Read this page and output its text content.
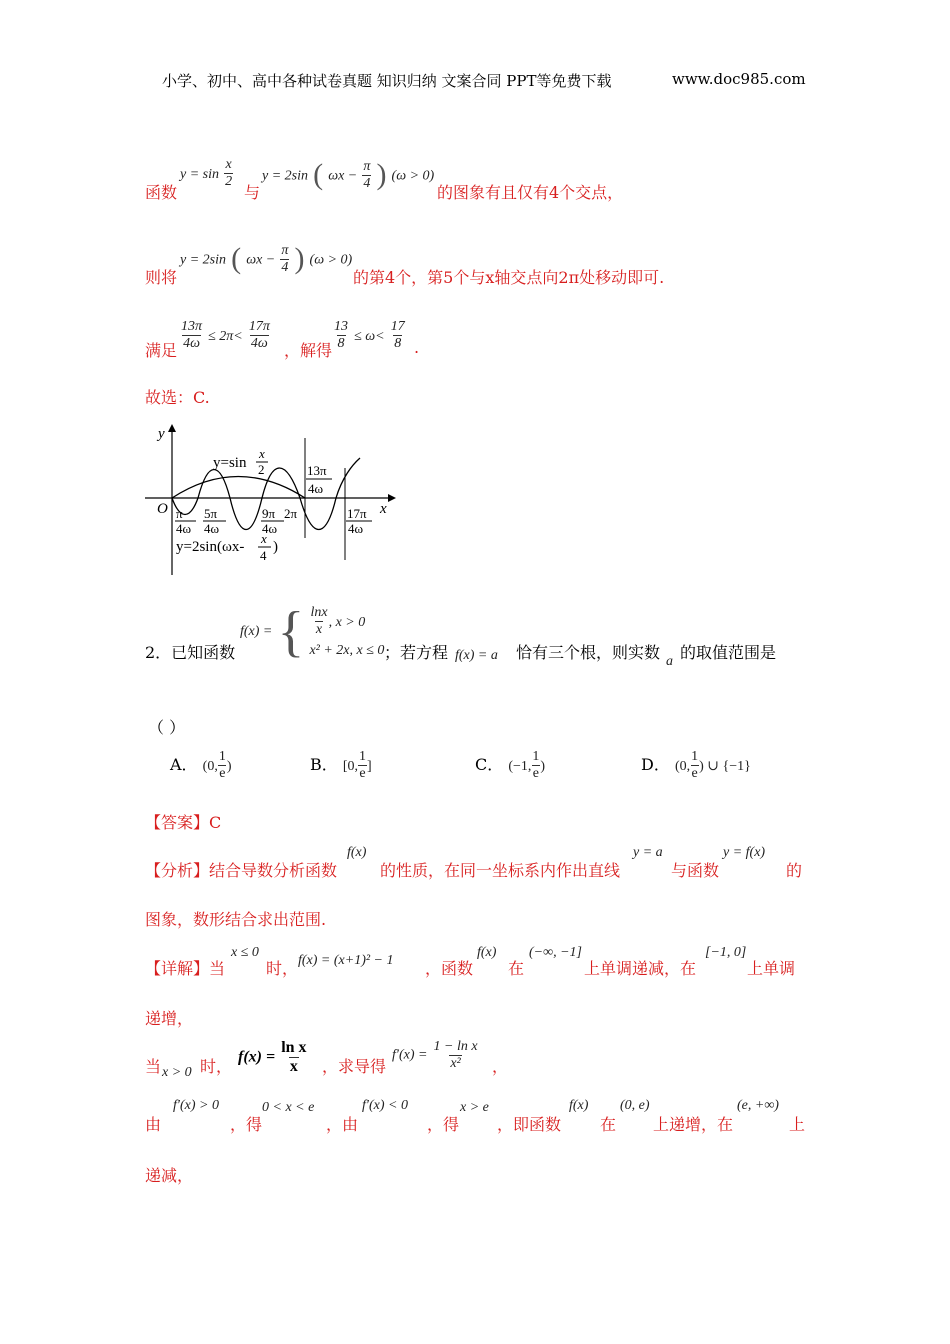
小学、初中、高中各种试卷真题 知识归纳 文案合同 PPT等免费下载	www.doc985.com
函数
$y = \sin \frac{x}{2}$
与
y = 2sin ( $\omega x - \frac{\pi}{4}$ ) (ω > 0)
的图象有且仅有4个交点，
则将
y = 2sin ( $\omega x - \frac{\pi}{4}$ ) (ω > 0)
的第4个，第5个与x轴交点向2π处移动即可.
满足 $\frac{13\pi}{4\omega} \le 2\pi< \frac{17\pi}{4\omega}$ ，解得 $\frac{13}{8} \le \omega< \frac{17}{8}$ .
故选：C.
y
x
O
y=sin
x
2
π
4ω
5π
4ω
9π
4ω
2π
13π
4ω
17π
4ω
y=2sin(ωx-
x
4
)
2．已知函数
f(x) = { $\frac{\ln x}{x}$ , x > 0
x² + 2x, x ≤ 0 ；若方程 f(x) = a 恰有三个根，则实数 a 的取值范围是
（ ）
A． (0, $\frac{1}{e}$ )	B． [0, $\frac{1}{e}$ ]	C． (−1, $\frac{1}{e}$ )	D． (0, $\frac{1}{e}$ ) ∪ {−1}
【答案】C
【分析】结合导数分析函数
f(x)
的性质，在同一坐标系内作出直线
y = a
与函数
y = f(x)
的
图象，数形结合求出范围.
【详解】当
x ≤ 0
时， f(x) = (x+1)² − 1 ，函数
f(x)
在
(−∞, −1]
上单调递减，在
[−1, 0]
上单调
递增，
当 x > 0 时， $f(x) = \frac{\text{ln x}}{x}$ ，求导得
$f'(x) = \frac{\text{1 − ln x}}{\text{x²}}$ ，
由
f′(x) > 0
，得
0 < x < e
，由
f′(x) < 0
，得
x > e
，即函数
f(x)
在
(0, e)
上递增，在
(e, +∞)
上
递减，
